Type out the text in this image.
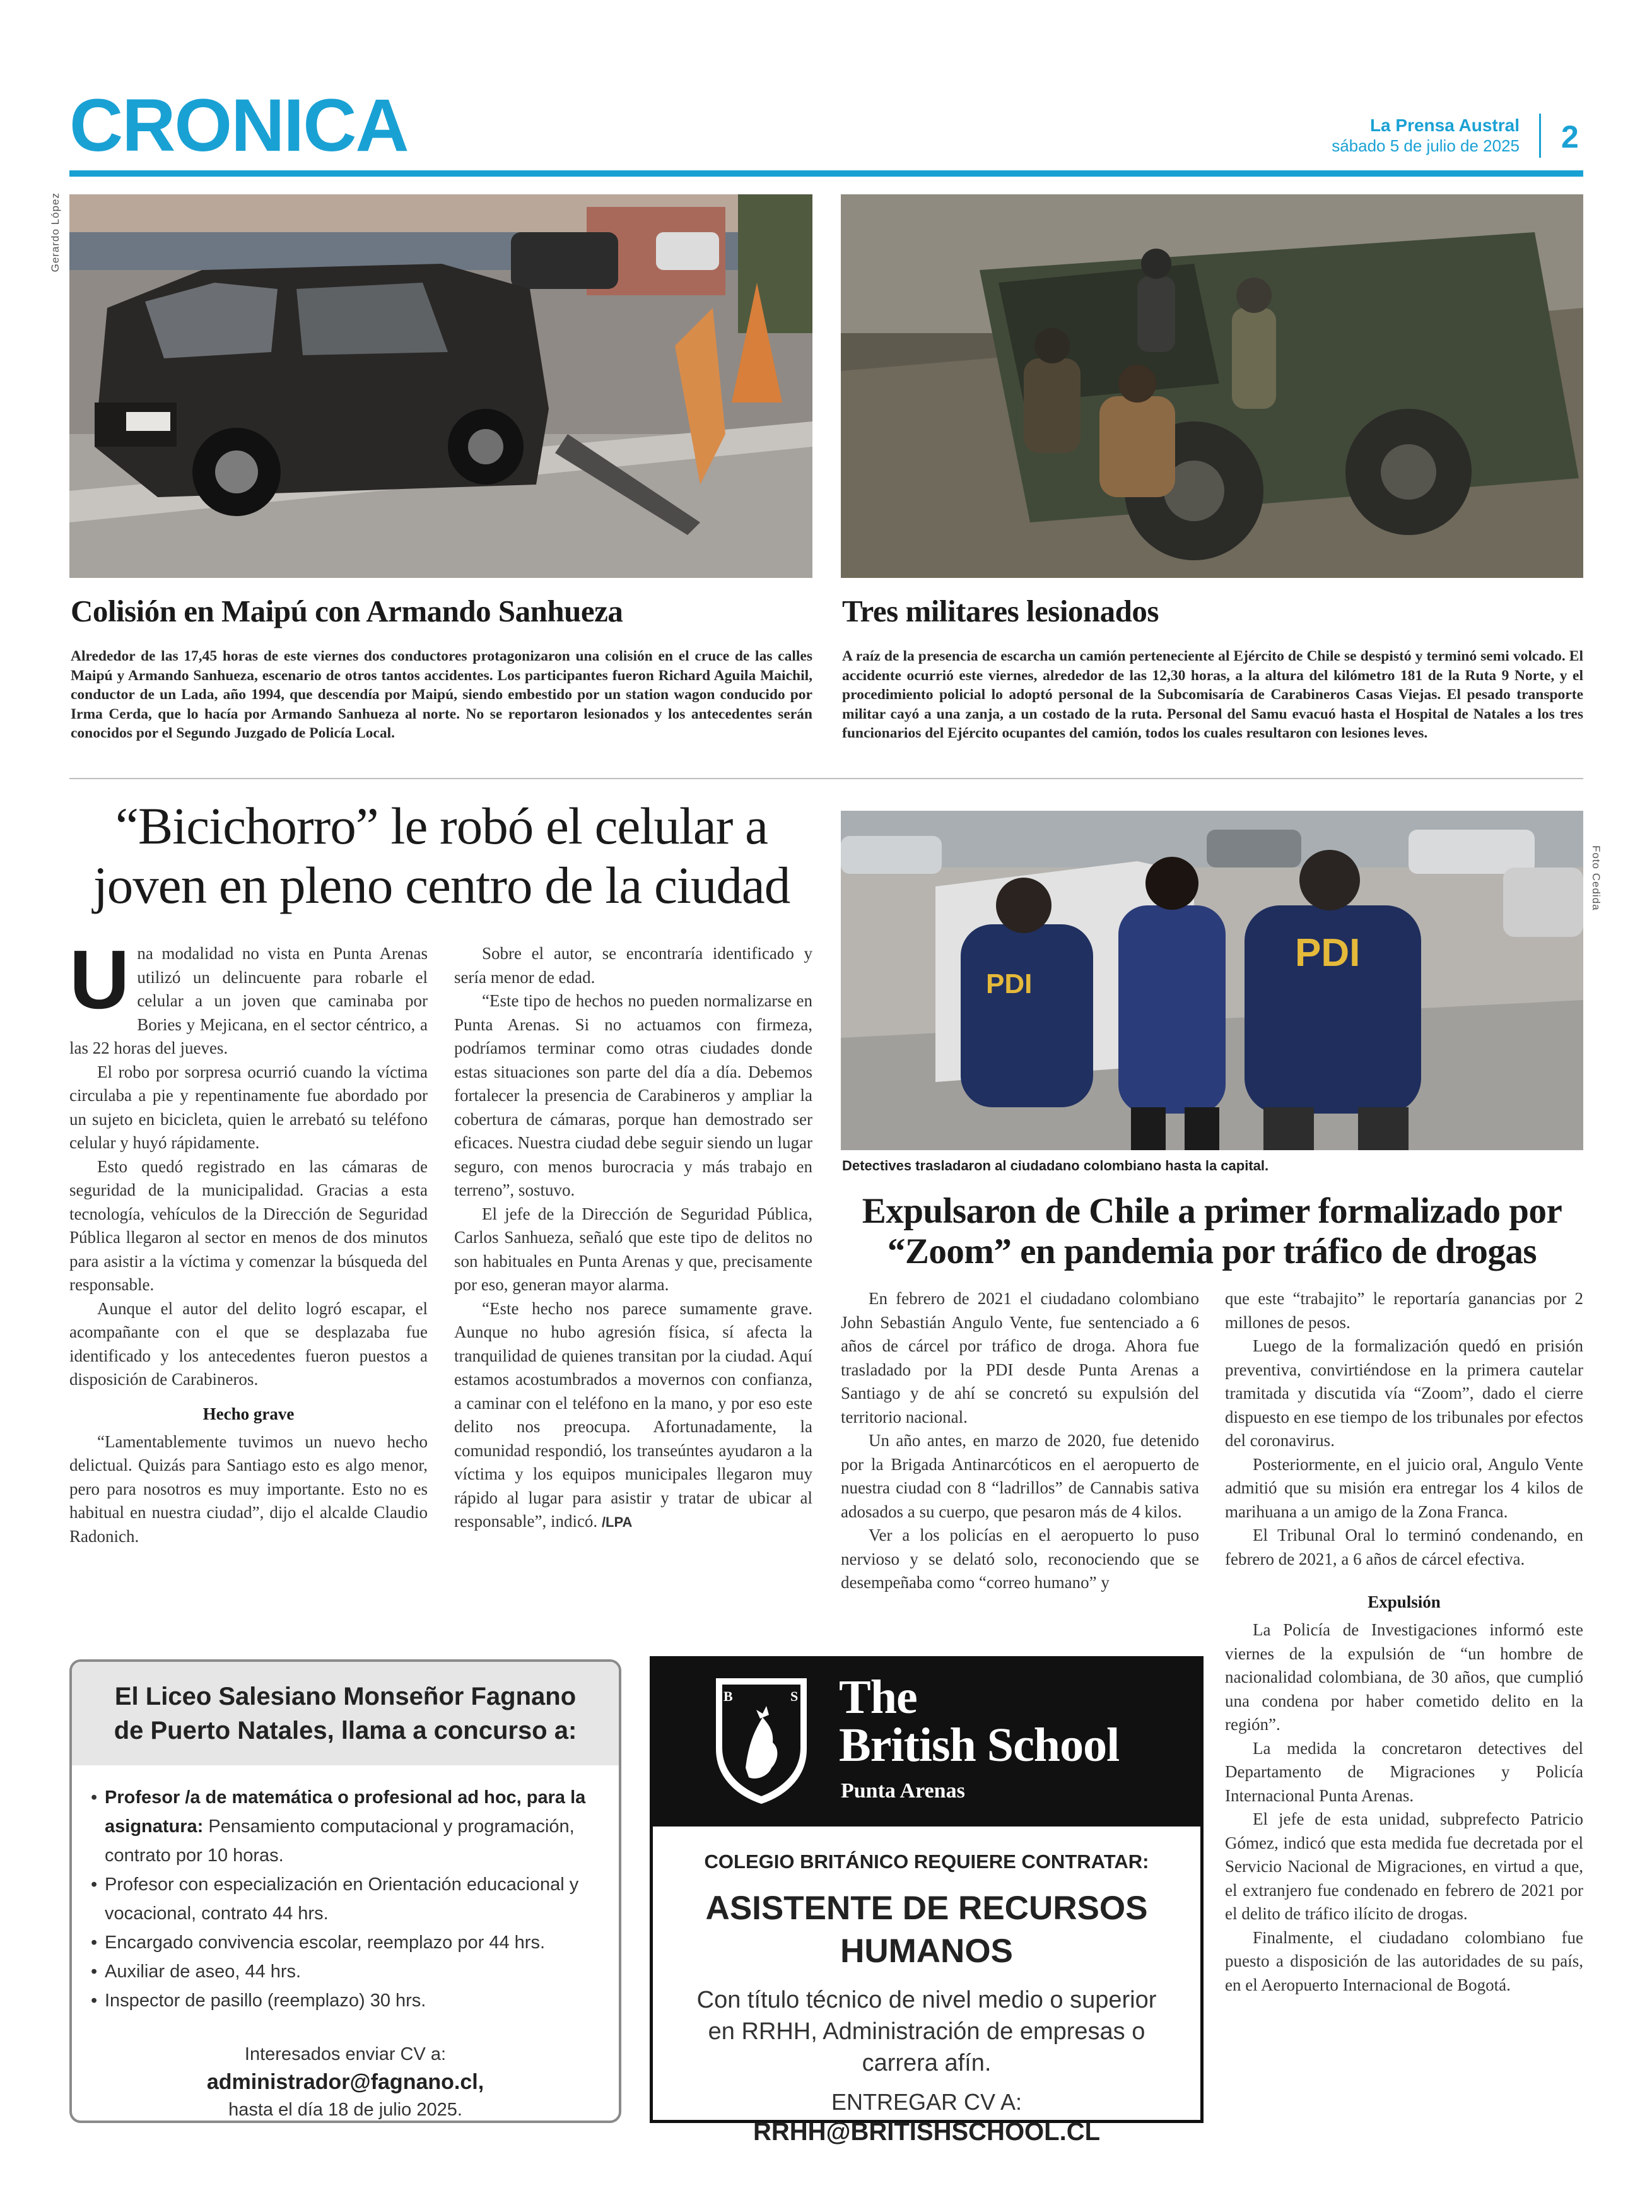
CRONICA	La Prensa Austral
sábado 5 de julio de 2025 2
Gerardo López
Colisión en Maipú con Armando Sanhueza
Alrededor de las 17,45 horas de este viernes dos conductores protagonizaron una colisión en el cruce de las calles Maipú y Armando Sanhueza, escenario de otros tantos accidentes. Los participantes fueron Richard Aguila Maichil, conductor de un Lada, año 1994, que descendía por Maipú, siendo embestido por un station wagon conducido por Irma Cerda, que lo hacía por Armando Sanhueza al norte. No se reportaron lesionados y los antecedentes serán conocidos por el Segundo Juzgado de Policía Local.
Tres militares lesionados
A raíz de la presencia de escarcha un camión perteneciente al Ejército de Chile se despistó y terminó semi volcado. El accidente ocurrió este viernes, alrededor de las 12,30 horas, a la altura del kilómetro 181 de la Ruta 9 Norte, y el procedimiento policial lo adoptó personal de la Subcomisaría de Carabineros Casas Viejas. El pesado transporte militar cayó a una zanja, a un costado de la ruta. Personal del Samu evacuó hasta el Hospital de Natales a los tres funcionarios del Ejército ocupantes del camión, todos los cuales resultaron con lesiones leves.
“Bicichorro” le robó el celular a
joven en pleno centro de la ciudad
U na modalidad no vista en Punta Arenas utilizó un delincuente para robarle el celular a un joven que caminaba por Bories y Mejicana, en el sector céntrico, a las 22 horas del jueves.

El robo por sorpresa ocurrió cuando la víctima circulaba a pie y repentinamente fue abordado por un sujeto en bicicleta, quien le arrebató su teléfono celular y huyó rápidamente.

Esto quedó registrado en las cámaras de seguridad de la municipalidad. Gracias a esta tecnología, vehículos de la Dirección de Seguridad Pública llegaron al sector en menos de dos minutos para asistir a la víctima y comenzar la búsqueda del responsable.

Aunque el autor del delito logró escapar, el acompañante con el que se desplazaba fue identificado y los antecedentes fueron puestos a disposición de Carabineros.

Hecho grave

“Lamentablemente tuvimos un nuevo hecho delictual. Quizás para Santiago esto es algo menor, pero para nosotros es muy importante. Esto no es habitual en nuestra ciudad”, dijo el alcalde Claudio Radonich.

Sobre el autor, se encontraría identificado y sería menor de edad.

“Este tipo de hechos no pueden normalizarse en Punta Arenas. Si no actuamos con firmeza, podríamos terminar como otras ciudades donde estas situaciones son parte del día a día. Debemos fortalecer la presencia de Carabineros y ampliar la cobertura de cámaras, porque han demostrado ser eficaces. Nuestra ciudad debe seguir siendo un lugar seguro, con menos burocracia y más trabajo en terreno”, sostuvo.

El jefe de la Dirección de Seguridad Pública, Carlos Sanhueza, señaló que este tipo de delitos no son habituales en Punta Arenas y que, precisamente por eso, generan mayor alarma.

“Este hecho nos parece sumamente grave. Aunque no hubo agresión física, sí afecta la tranquilidad de quienes transitan por la ciudad. Aquí estamos acostumbrados a movernos con confianza, a caminar con el teléfono en la mano, y por eso este delito nos preocupa. Afortunadamente, la comunidad respondió, los transeúntes ayudaron a la víctima y los equipos municipales llegaron muy rápido al lugar para asistir y tratar de ubicar al responsable”, indicó. /LPA

PDI
PDI
Foto Cedida
Detectives trasladaron al ciudadano colombiano hasta la capital.
Expulsaron de Chile a primer formalizado por
“Zoom” en pandemia por tráfico de drogas

En febrero de 2021 el ciudadano colombiano John Sebastián Angulo Vente, fue sentenciado a 6 años de cárcel por tráfico de droga. Ahora fue trasladado por la PDI desde Punta Arenas a Santiago y de ahí se concretó su expulsión del territorio nacional.

Un año antes, en marzo de 2020, fue detenido por la Brigada Antinarcóticos en el aeropuerto de nuestra ciudad con 8 “ladrillos” de Cannabis sativa adosados a su cuerpo, que pesaron más de 4 kilos.

Ver a los policías en el aeropuerto lo puso nervioso y se delató solo, reconociendo que se desempeñaba como “correo humano” y

que este “trabajito” le reportaría ganancias por 2 millones de pesos.

Luego de la formalización quedó en prisión preventiva, convirtiéndose en la primera cautelar tramitada y discutida vía “Zoom”, dado el cierre dispuesto en ese tiempo de los tribunales por efectos del coronavirus.

Posteriormente, en el juicio oral, Angulo Vente admitió que su misión era entregar los 4 kilos de marihuana a un amigo de la Zona Franca.

El Tribunal Oral lo terminó condenando, en febrero de 2021, a 6 años de cárcel efectiva.

Expulsión

La Policía de Investigaciones informó este viernes de la expulsión de “un hombre de nacionalidad colombiana, de 30 años, que cumplió una condena por haber cometido delito en la región”.

La medida la concretaron detectives del Departamento de Migraciones y Policía Internacional Punta Arenas.

El jefe de esta unidad, subprefecto Patricio Gómez, indicó que esta medida fue decretada por el Servicio Nacional de Migraciones, en virtud a que, el extranjero fue condenado en febrero de 2021 por el delito de tráfico ilícito de drogas.

Finalmente, el ciudadano colombiano fue puesto a disposición de las autoridades de su país, en el Aeropuerto Internacional de Bogotá.

El Liceo Salesiano Monseñor Fagnano
de Puerto Natales, llama a concurso a:
• Profesor /a de matemática o profesional ad hoc, para la asignatura: Pensamiento computacional y programación, contrato por 10 horas.
• Profesor con especialización en Orientación educacional y vocacional, contrato 44 hrs.
• Encargado convivencia escolar, reemplazo por 44 hrs.
• Auxiliar de aseo, 44 hrs.
• Inspector de pasillo (reemplazo) 30 hrs.
Interesados enviar CV a:
administrador@fagnano.cl,
hasta el día 18 de julio 2025.
B	S The
British School
Punta Arenas
COLEGIO BRITÁNICO REQUIERE CONTRATAR:
ASISTENTE DE RECURSOS
HUMANOS
Con título técnico de nivel medio o superior
en RRHH, Administración de empresas o
carrera afín.
ENTREGAR CV A:
RRHH@BRITISHSCHOOL.CL
